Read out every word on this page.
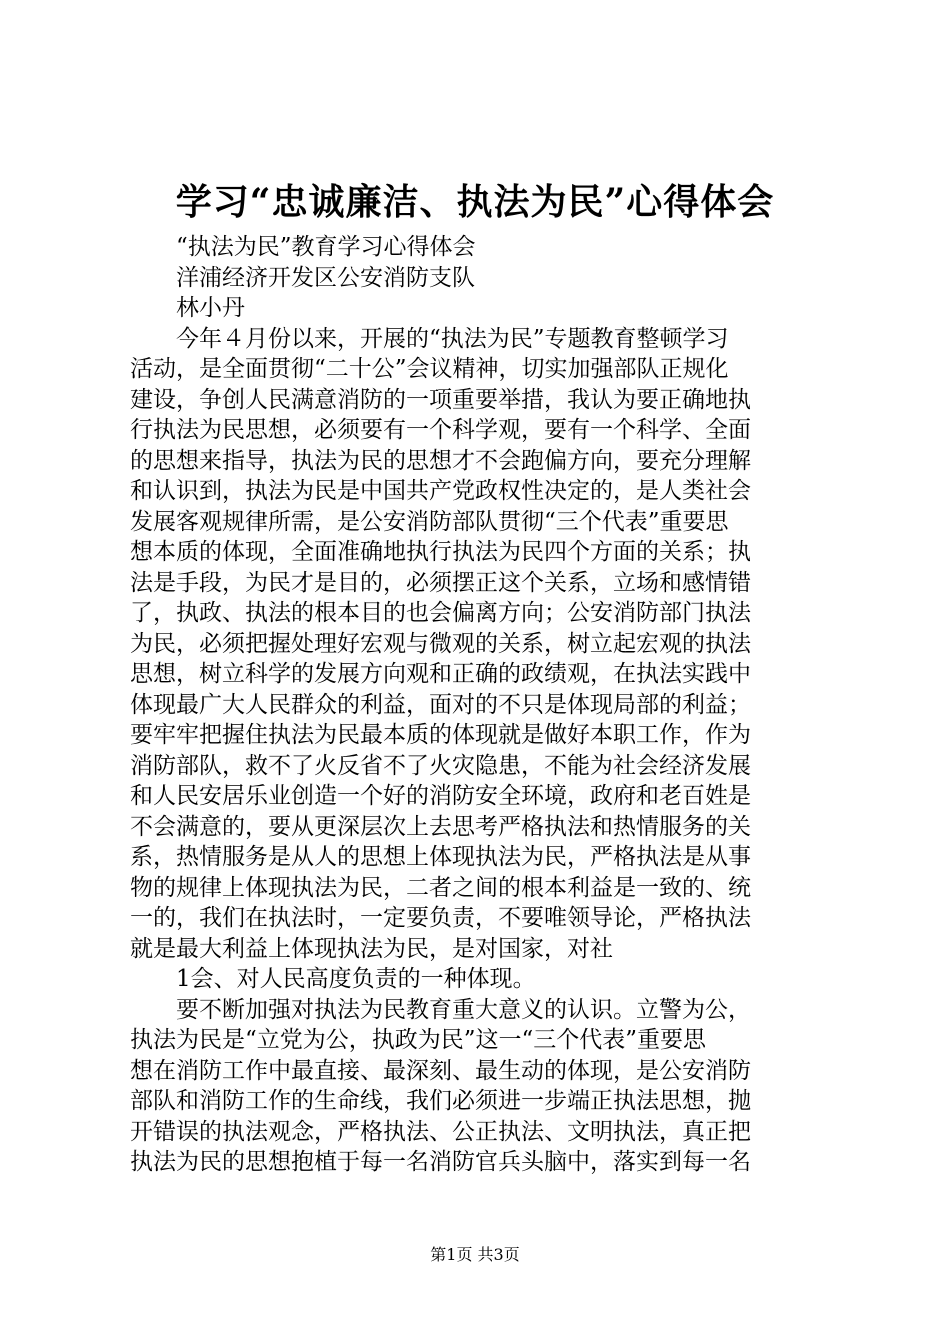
学习“忠诚廉洁、执法为民”心得体会
“执法为民”教育学习心得体会
洋浦经济开发区公安消防支队
林小丹
今年４月份以来，开展的“执法为民”专题教育整顿学习
活动，是全面贯彻“二十公”会议精神，切实加强部队正规化
建设，争创人民满意消防的一项重要举措，我认为要正确地执
行执法为民思想，必须要有一个科学观，要有一个科学、全面
的思想来指导，执法为民的思想才不会跑偏方向，要充分理解
和认识到，执法为民是中国共产党政权性决定的，是人类社会
发展客观规律所需，是公安消防部队贯彻“三个代表”重要思
想本质的体现，全面准确地执行执法为民四个方面的关系；执
法是手段，为民才是目的，必须摆正这个关系，立场和感情错
了，执政、执法的根本目的也会偏离方向；公安消防部门执法
为民，必须把握处理好宏观与微观的关系，树立起宏观的执法
思想，树立科学的发展方向观和正确的政绩观，在执法实践中
体现最广大人民群众的利益，面对的不只是体现局部的利益；
要牢牢把握住执法为民最本质的体现就是做好本职工作，作为
消防部队，救不了火反省不了火灾隐患，不能为社会经济发展
和人民安居乐业创造一个好的消防安全环境，政府和老百姓是
不会满意的，要从更深层次上去思考严格执法和热情服务的关
系，热情服务是从人的思想上体现执法为民，严格执法是从事
物的规律上体现执法为民，二者之间的根本利益是一致的、统
一的，我们在执法时，一定要负责，不要唯领导论，严格执法
就是最大利益上体现执法为民，是对国家，对社
1会、对人民高度负责的一种体现。
要不断加强对执法为民教育重大意义的认识。立警为公，
执法为民是“立党为公，执政为民”这一“三个代表”重要思
想在消防工作中最直接、最深刻、最生动的体现，是公安消防
部队和消防工作的生命线，我们必须进一步端正执法思想，抛
开错误的执法观念，严格执法、公正执法、文明执法，真正把
执法为民的思想抱植于每一名消防官兵头脑中，落实到每一名
第1页 共3页
